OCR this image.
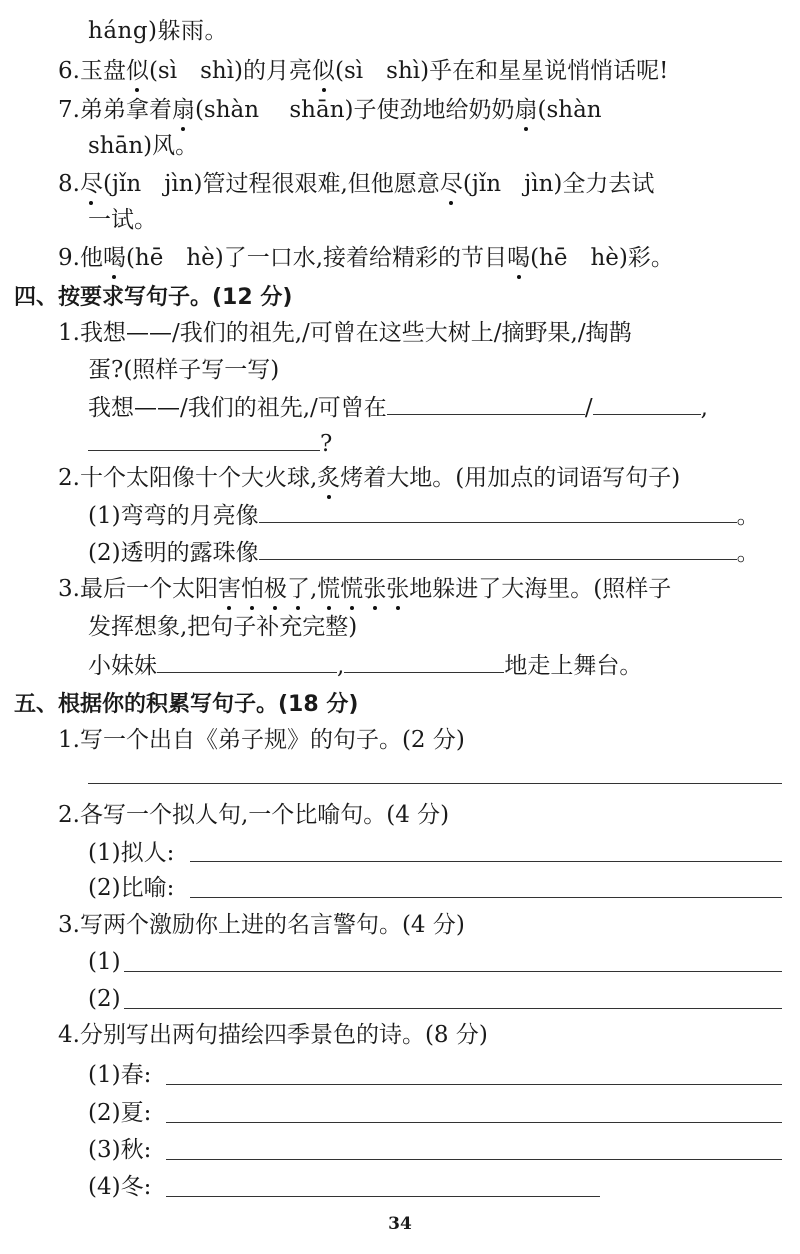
háng)躲雨。
6.玉盘似(sì　shì)的月亮似(sì　shì)乎在和星星说悄悄话呢!
7.弟弟拿着扇(shàn　 shān)子使劲地给奶奶扇(shàn
shān)风。
8.尽(jǐn　jìn)管过程很艰难,但他愿意尽(jǐn　jìn)全力去试
一试。
9.他喝(hē　hè)了一口水,接着给精彩的节目喝(hē　hè)彩。
四、按要求写句子。(12 分)
1.我想——/我们的祖先,/可曾在这些大树上/摘野果,/掏鹊
蛋?(照样子写一写)
我想——/我们的祖先,/可曾在	/	,
?
2.十个太阳像十个大火球,炙烤着大地。(用加点的词语写句子)
(1)弯弯的月亮像	。
(2)透明的露珠像	。
3.最后一个太阳害怕极了,慌慌张张地躲进了大海里。(照样子
发挥想象,把句子补充完整)
小妹妹	,	地走上舞台。
五、根据你的积累写句子。(18 分)
1.写一个出自《弟子规》的句子。(2 分)
2.各写一个拟人句,一个比喻句。(4 分)
(1)拟人:
(2)比喻:
3.写两个激励你上进的名言警句。(4 分)
(1)
(2)
4.分别写出两句描绘四季景色的诗。(8 分)
(1)春:
(2)夏:
(3)秋:
(4)冬:
34
